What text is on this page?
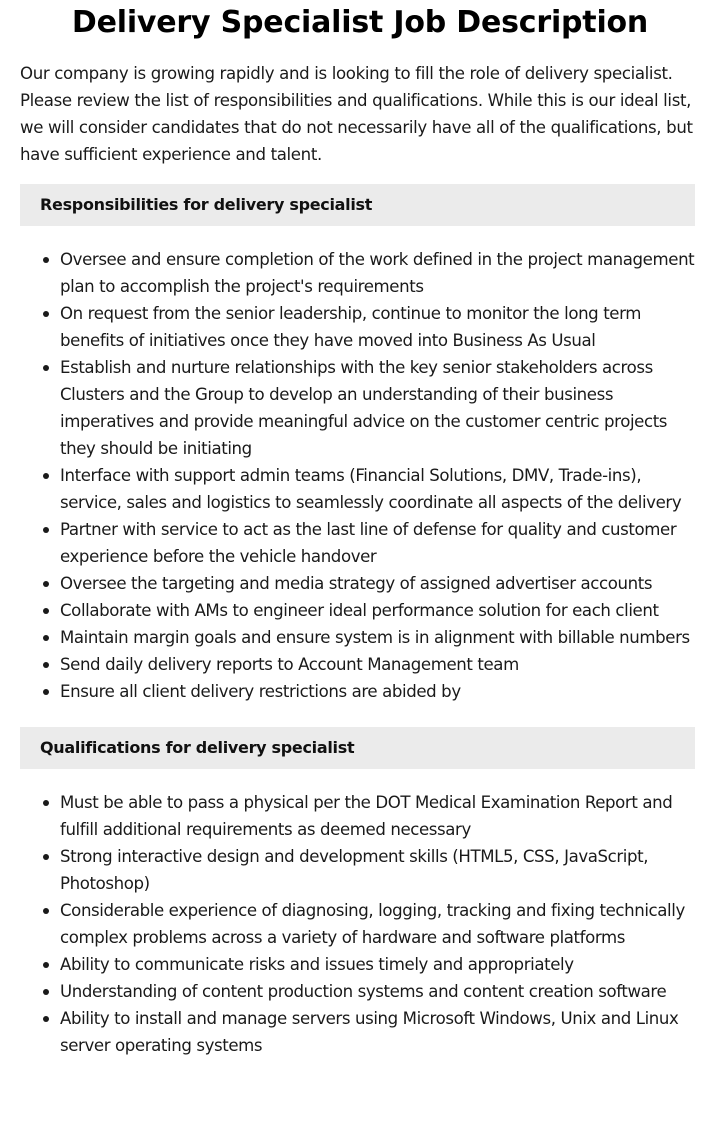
Delivery Specialist Job Description

Our company is growing rapidly and is looking to fill the role of delivery specialist. Please review the list of responsibilities and qualifications. While this is our ideal list, we will consider candidates that do not necessarily have all of the qualifications, but have sufficient experience and talent.

Responsibilities for delivery specialist
Oversee and ensure completion of the work defined in the project management plan to accomplish the project's requirements
On request from the senior leadership, continue to monitor the long term benefits of initiatives once they have moved into Business As Usual
Establish and nurture relationships with the key senior stakeholders across Clusters and the Group to develop an understanding of their business imperatives and provide meaningful advice on the customer centric projects they should be initiating
Interface with support admin teams (Financial Solutions, DMV, Trade-ins), service, sales and logistics to seamlessly coordinate all aspects of the delivery
Partner with service to act as the last line of defense for quality and customer experience before the vehicle handover
Oversee the targeting and media strategy of assigned advertiser accounts
Collaborate with AMs to engineer ideal performance solution for each client
Maintain margin goals and ensure system is in alignment with billable numbers
Send daily delivery reports to Account Management team
Ensure all client delivery restrictions are abided by
Qualifications for delivery specialist
Must be able to pass a physical per the DOT Medical Examination Report and fulfill additional requirements as deemed necessary
Strong interactive design and development skills (HTML5, CSS, JavaScript, Photoshop)
Considerable experience of diagnosing, logging, tracking and fixing technically complex problems across a variety of hardware and software platforms
Ability to communicate risks and issues timely and appropriately
Understanding of content production systems and content creation software
Ability to install and manage servers using Microsoft Windows, Unix and Linux server operating systems
